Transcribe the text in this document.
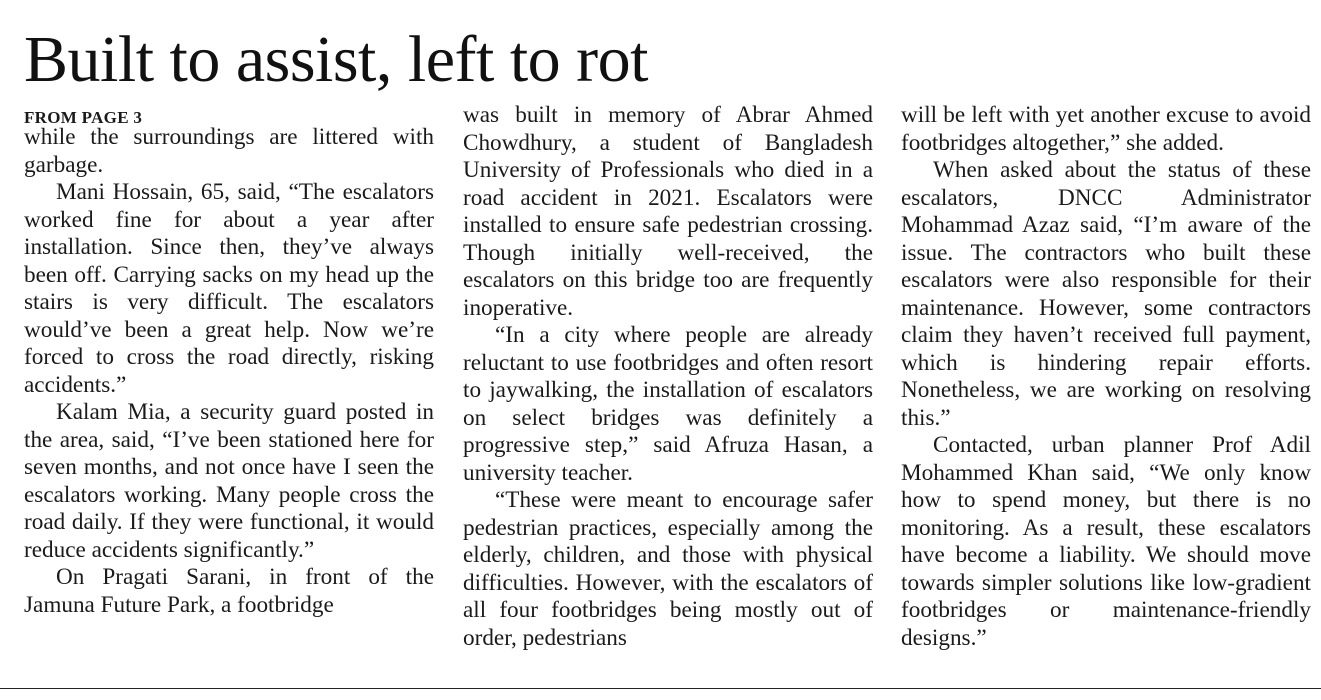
Built to assist, left to rot
FROM PAGE 3

while the surroundings are littered with garbage.

Mani Hossain, 65, said, “The escalators worked fine for about a year after installation. Since then, they’ve always been off. Carrying sacks on my head up the stairs is very difficult. The escalators would’ve been a great help. Now we’re forced to cross the road directly, risking accidents.”

Kalam Mia, a security guard posted in the area, said, “I’ve been stationed here for seven months, and not once have I seen the escalators working. Many people cross the road daily. If they were functional, it would reduce accidents significantly.”

On Pragati Sarani, in front of the Jamuna Future Park, a footbridge

was built in memory of Abrar Ahmed Chowdhury, a student of Bangladesh University of Professionals who died in a road accident in 2021. Escalators were installed to ensure safe pedestrian crossing. Though initially well-received, the escalators on this bridge too are frequently inoperative.

“In a city where people are already reluctant to use footbridges and often resort to jaywalking, the installation of escalators on select bridges was definitely a progressive step,” said Afruza Hasan, a university teacher.

“These were meant to encourage safer pedestrian practices, especially among the elderly, children, and those with physical difficulties. However, with the escalators of all four footbridges being mostly out of order, pedestrians

will be left with yet another excuse to avoid footbridges altogether,” she added.

When asked about the status of these escalators, DNCC Administrator Mohammad Azaz said, “I’m aware of the issue. The contractors who built these escalators were also responsible for their maintenance. However, some contractors claim they haven’t received full payment, which is hindering repair efforts. Nonetheless, we are working on resolving this.”

Contacted, urban planner Prof Adil Mohammed Khan said, “We only know how to spend money, but there is no monitoring. As a result, these escalators have become a liability. We should move towards simpler solutions like low-gradient footbridges or maintenance-friendly designs.”
